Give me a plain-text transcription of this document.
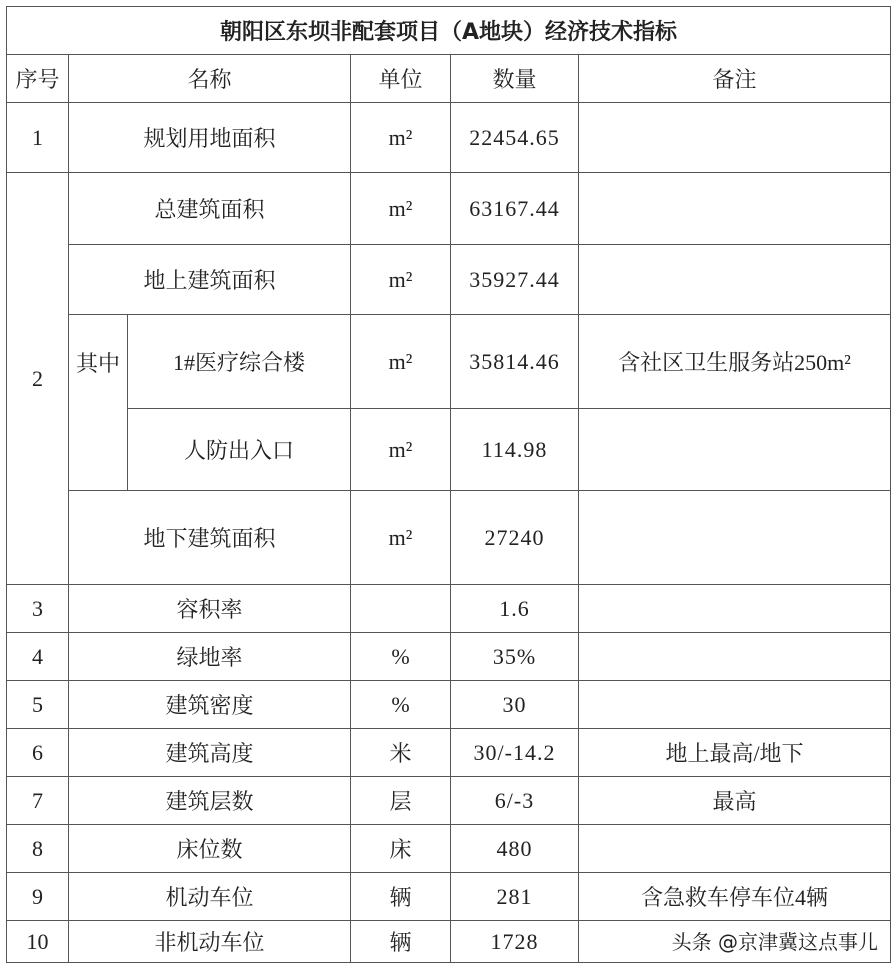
朝阳区东坝非配套项目（A地块）经济技术指标					
序号	名称		单位	数量	备注
1	规划用地面积		m²	22454.65	
2	总建筑面积		m²	63167.44	
	地上建筑面积		m²	35927.44	
	其中	1#医疗综合楼	m²	35814.46	含社区卫生服务站250m²
		人防出入口	m²	114.98	
	地下建筑面积		m²	27240	
3	容积率			1.6	
4	绿地率		%	35%	
5	建筑密度		%	30	
6	建筑高度		米	30/-14.2	地上最高/地下
7	建筑层数		层	6/-3	最高
8	床位数		床	480	
9	机动车位		辆	281	含急救车停车位4辆
10	非机动车位		辆	1728		头条 @京津冀这点事儿
